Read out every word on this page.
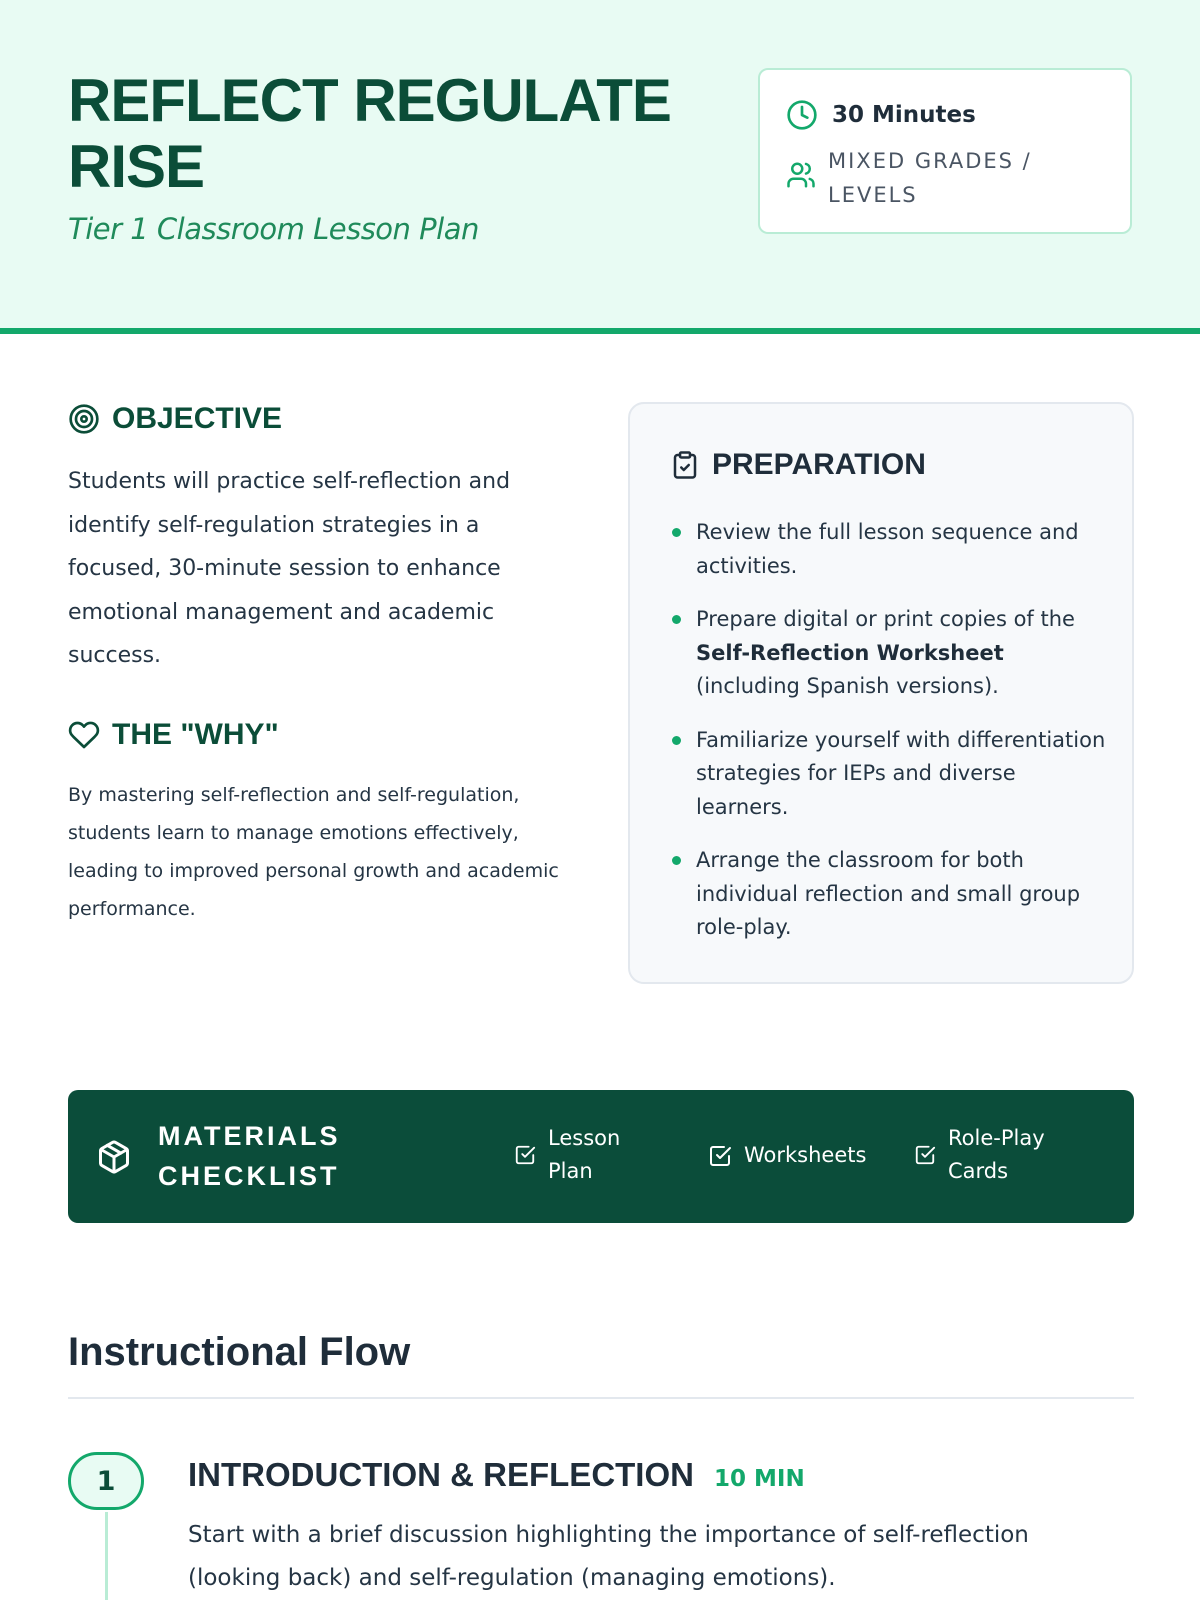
REFLECT REGULATE RISE

Tier 1 Classroom Lesson Plan

30 Minutes
MIXED GRADES / LEVELS
OBJECTIVE

Students will practice self-reflection and identify self-regulation strategies in a focused, 30-minute session to enhance emotional management and academic success.

THE "WHY"

By mastering self-reflection and self-regulation, students learn to manage emotions effectively, leading to improved personal growth and academic performance.

PREPARATION
Review the full lesson sequence and activities.
Prepare digital or print copies of the Self-Reflection Worksheet (including Spanish versions).
Familiarize yourself with differentiation strategies for IEPs and diverse learners.
Arrange the classroom for both individual reflection and small group role-play.
MATERIALS CHECKLIST
Lesson Plan
Worksheets
Role-Play Cards
Instructional Flow
1	INTRODUCTION & REFLECTION 10 MIN

Start with a brief discussion highlighting the importance of self-reflection (looking back) and self-regulation (managing emotions).
